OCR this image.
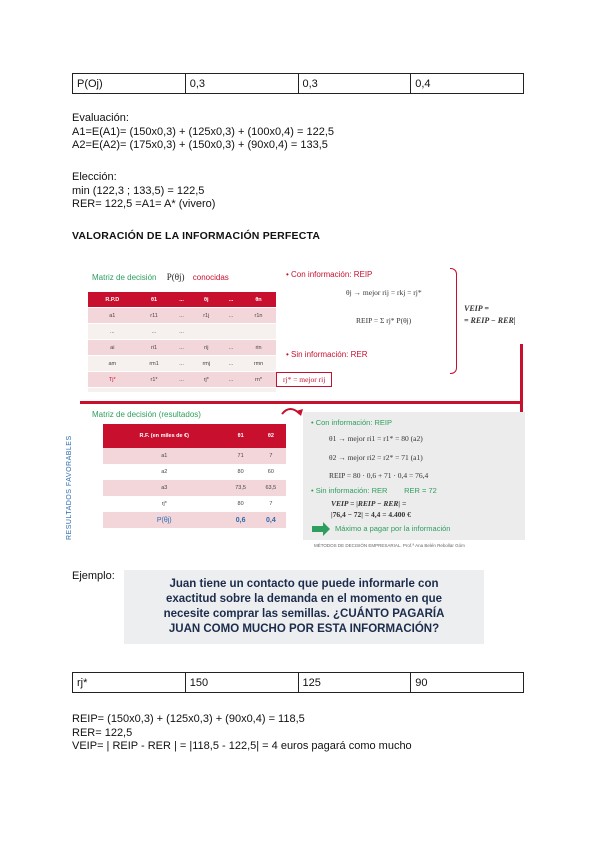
P(Oj)	0,3	0,3	0,4
Evaluación:
A1=E(A1)= (150x0,3) + (125x0,3) + (100x0,4) = 122,5
A2=E(A2)= (175x0,3) + (150x0,3) + (90x0,4) = 133,5
Elección:
min (122,3 ; 133,5) = 122,5
RER= 122,5 =A1= A* (vivero)
VALORACIÓN DE LA INFORMACIÓN PERFECTA
Matriz de decisión P(θj) conocidas
R.P.D	θ1	...	θj	...	θn
a1	r11	...	r1j	...	r1n
...	...	...			
ai	ri1	...	rij	...	rin
am	rm1	...	rmj	...	rmn
Tj*	r1*	...	rj*	...	rn*
• Con información: REIP
θj → mejor rij = rkj = rj*
REIP = Σ rj* P(θj)
• Sin información: RER
rj* = mejor rij
VEIP =
= REIP − RER|
Matriz de decisión (resultados)
RESULTADOS FAVORABLES	R.F. (en miles de €)	θ1	θ2
a1	71	7
a2	80	60
a3	73,5	63,5
rj*	80	7
P(θj)	0,6	0,4
• Con información: REIP
θ1 → mejor ri1 = r1* = 80 (a2)
θ2 → mejor ri2 = r2* = 71 (a1)
REIP = 80 · 0,6 + 71 · 0,4 = 76,4
• Sin información: RER        RER = 72
VEIP = |REIP − RER| =
|76,4 − 72| = 4,4 = 4.400 €
Máximo a pagar por la información
MÉTODOS DE DECISIÓN EMPRESARIAL. Prof.ª Ana Belén Rebollar Góm
Ejemplo:
Juan tiene un contacto que puede informarle con
exactitud sobre la demanda en el momento en que
necesite comprar las semillas. ¿CUÁNTO PAGARÍA
JUAN COMO MUCHO POR ESTA INFORMACIÓN?
rj*	150	125	90
REIP= (150x0,3) + (125x0,3) + (90x0,4) = 118,5
RER= 122,5
VEIP= | REIP - RER | = |118,5 - 122,5| = 4 euros pagará como mucho
